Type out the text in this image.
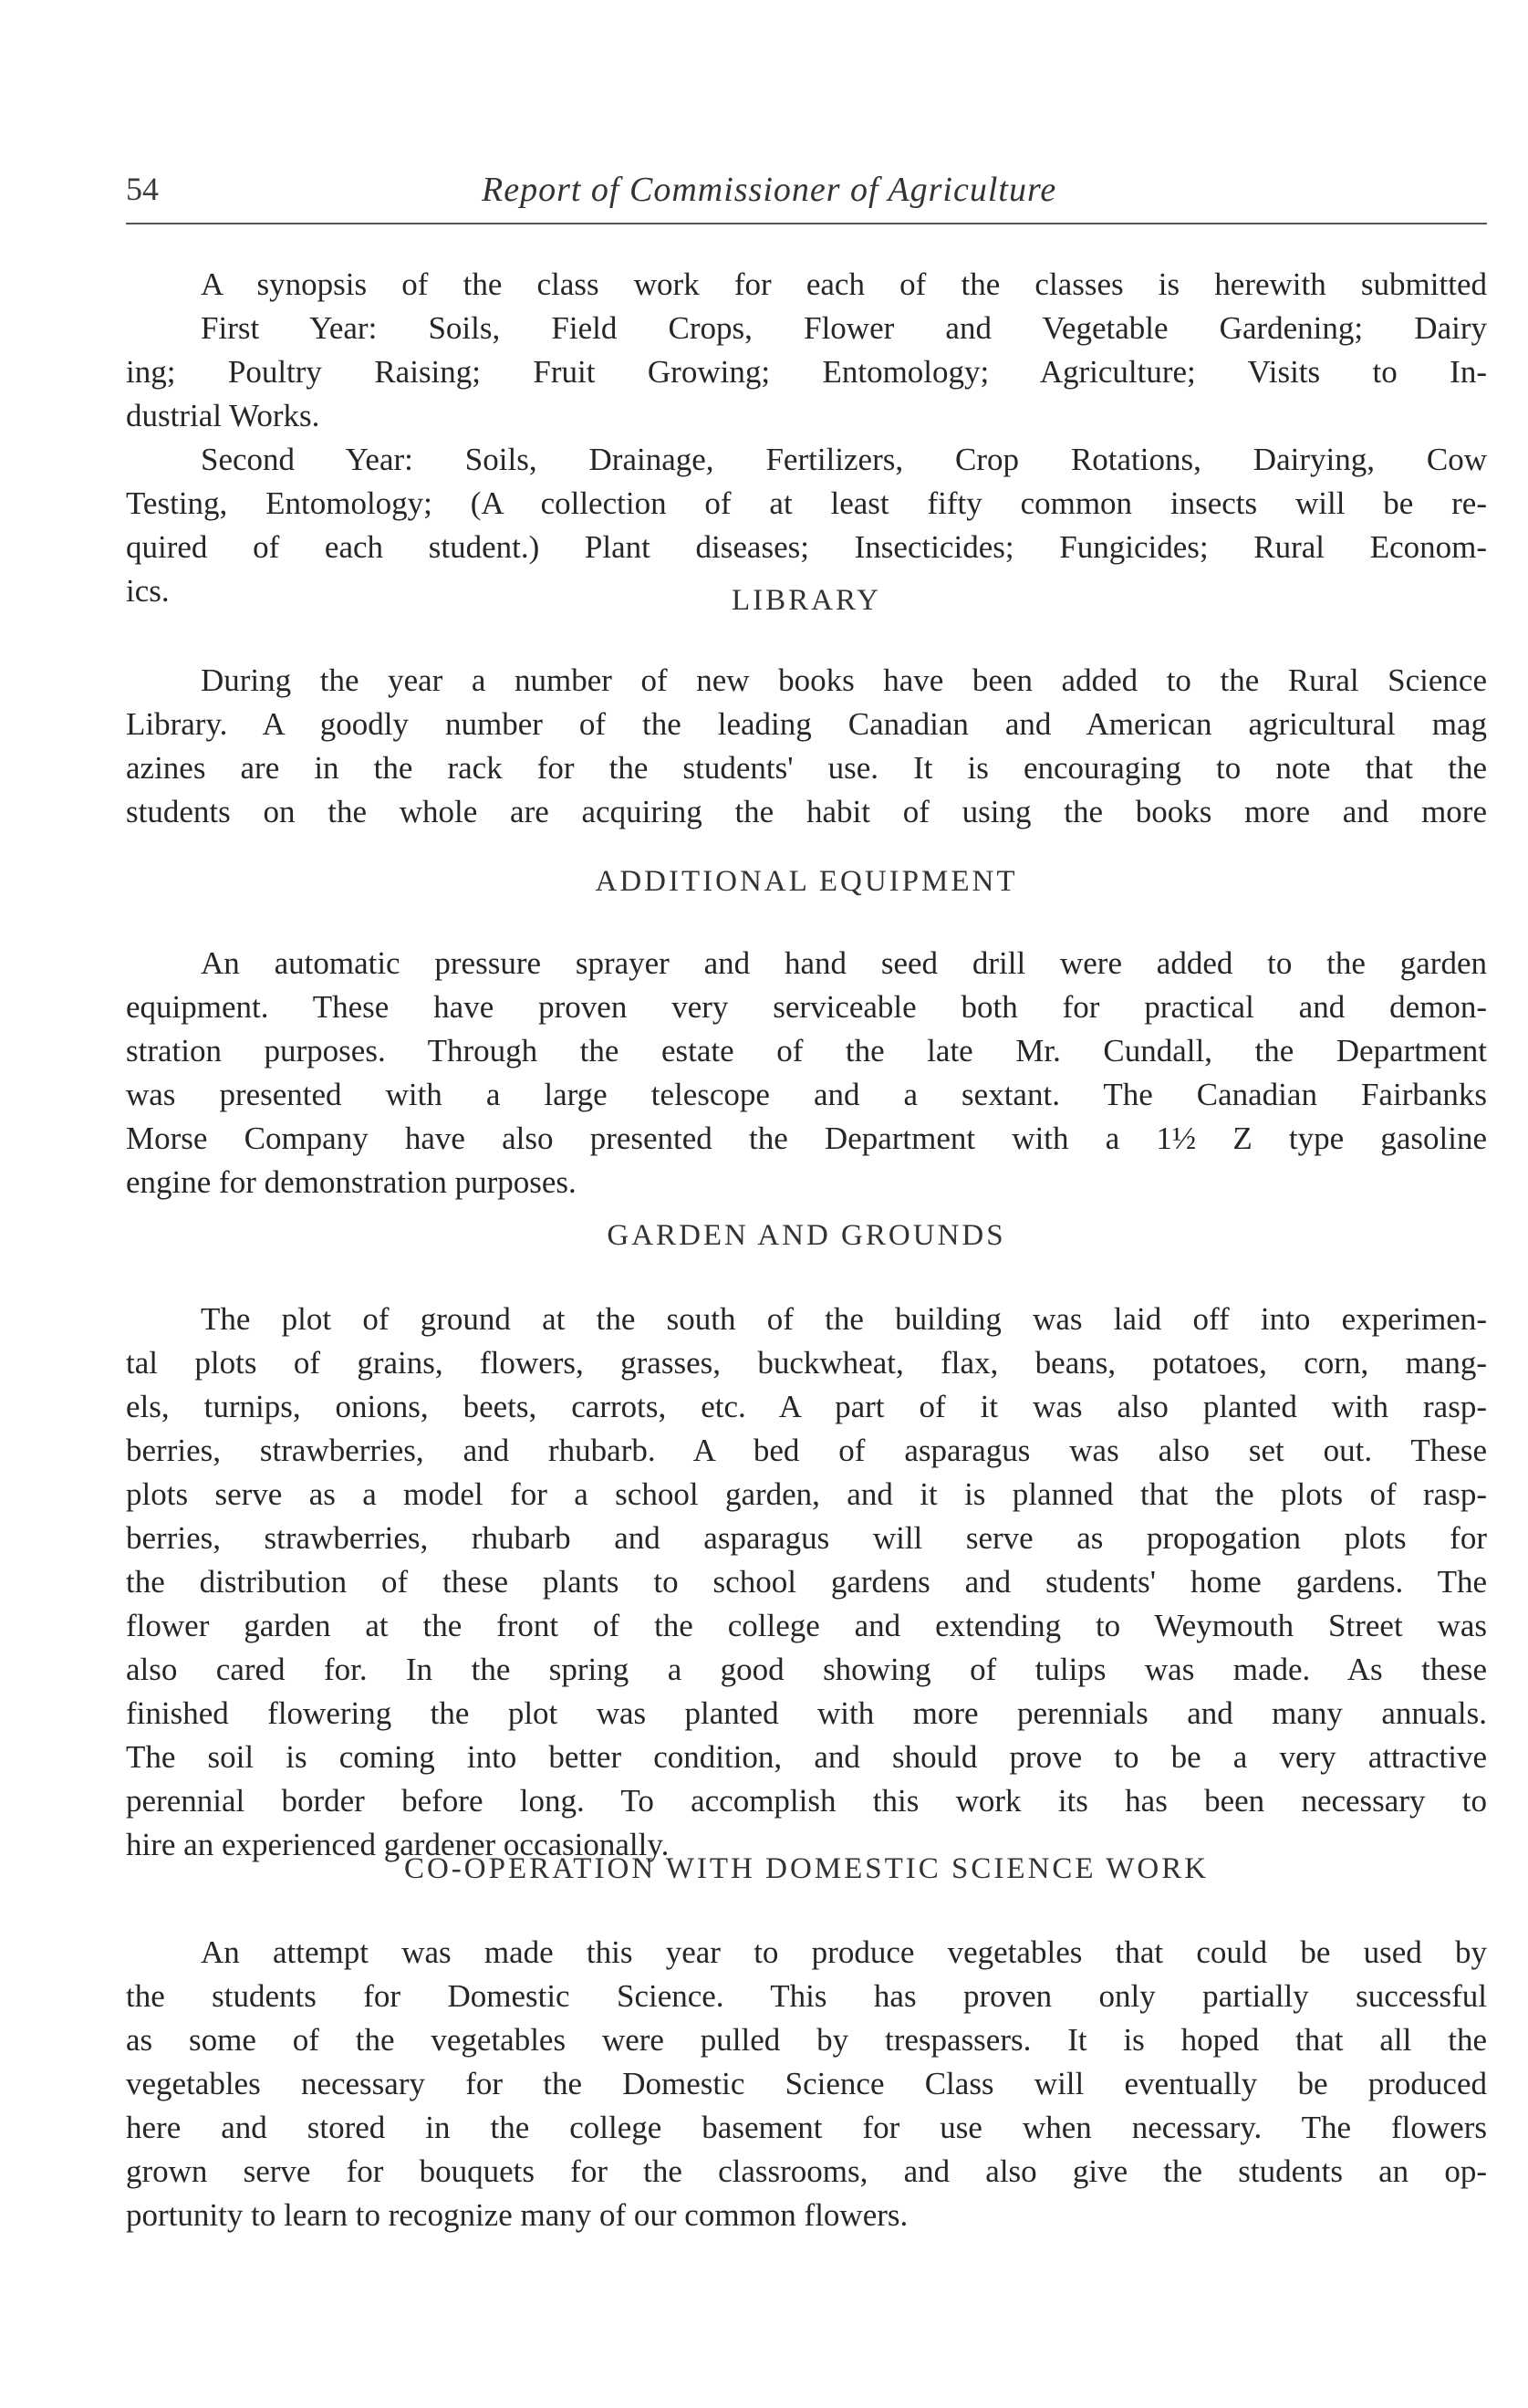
54	Report of Commissioner of Agriculture
A synopsis of the class work for each of the classes is herewith submitted
First Year: Soils, Field Crops, Flower and Vegetable Gardening; Dairy
ing; Poultry Raising; Fruit Growing; Entomology; Agriculture; Visits to In-
dustrial Works.
Second Year: Soils, Drainage, Fertilizers, Crop Rotations, Dairying, Cow
Testing, Entomology; (A collection of at least fifty common insects will be re-
quired of each student.) Plant diseases; Insecticides; Fungicides; Rural Econom-
ics.	LIBRARY
During the year a number of new books have been added to the Rural Science
Library. A goodly number of the leading Canadian and American agricultural mag
azines are in the rack for the students' use. It is encouraging to note that the
students on the whole are acquiring the habit of using the books more and more
ADDITIONAL EQUIPMENT
An automatic pressure sprayer and hand seed drill were added to the garden
equipment. These have proven very serviceable both for practical and demon-
stration purposes. Through the estate of the late Mr. Cundall, the Department
was presented with a large telescope and a sextant. The Canadian Fairbanks
Morse Company have also presented the Department with a 1½ Z type gasoline
engine for demonstration purposes.
GARDEN AND GROUNDS
The plot of ground at the south of the building was laid off into experimen-
tal plots of grains, flowers, grasses, buckwheat, flax, beans, potatoes, corn, mang-
els, turnips, onions, beets, carrots, etc. A part of it was also planted with rasp-
berries, strawberries, and rhubarb. A bed of asparagus was also set out. These
plots serve as a model for a school garden, and it is planned that the plots of rasp-
berries, strawberries, rhubarb and asparagus will serve as propogation plots for
the distribution of these plants to school gardens and students' home gardens. The
flower garden at the front of the college and extending to Weymouth Street was
also cared for. In the spring a good showing of tulips was made. As these
finished flowering the plot was planted with more perennials and many annuals.
The soil is coming into better condition, and should prove to be a very attractive
perennial border before long. To accomplish this work its has been necessary to
hire an experienced gardener occasionally.
CO-OPERATION WITH DOMESTIC SCIENCE WORK
An attempt was made this year to produce vegetables that could be used by
the students for Domestic Science. This has proven only partially successful
as some of the vegetables were pulled by trespassers. It is hoped that all the
vegetables necessary for the Domestic Science Class will eventually be produced
here and stored in the college basement for use when necessary. The flowers
grown serve for bouquets for the classrooms, and also give the students an op-
portunity to learn to recognize many of our common flowers.
